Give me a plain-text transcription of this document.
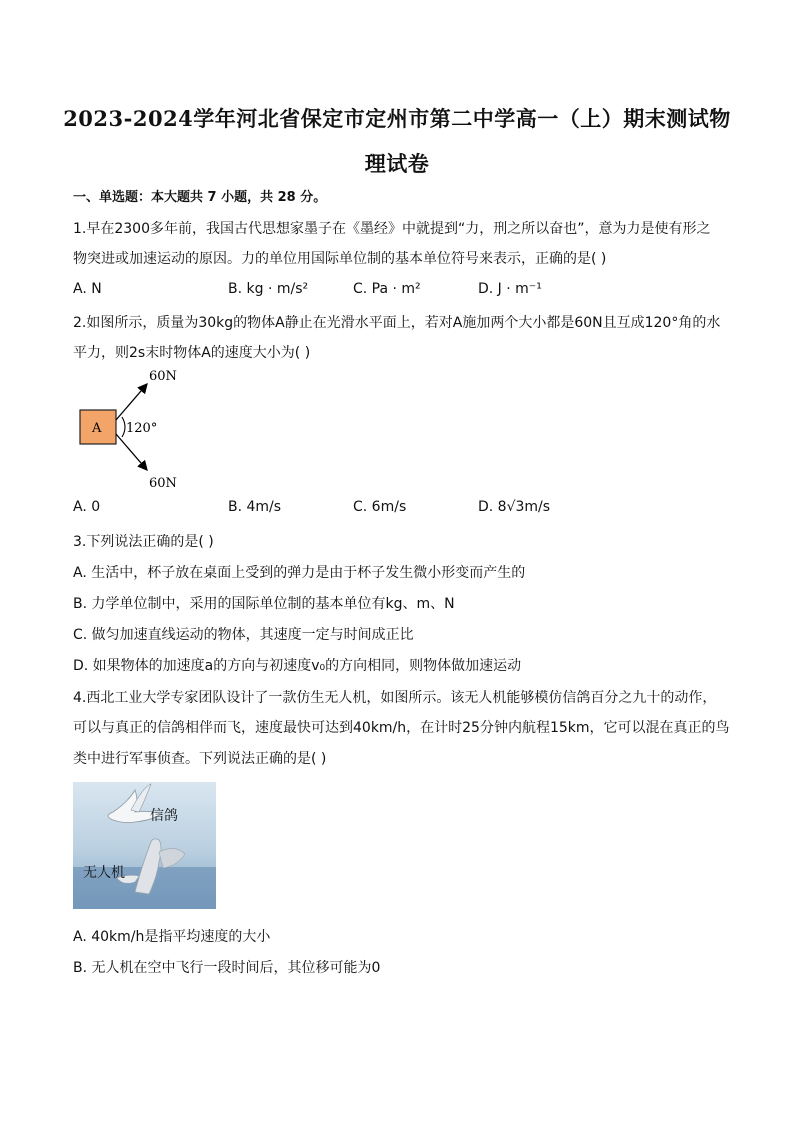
2023-2024学年河北省保定市定州市第二中学高一（上）期末测试物
理试卷
一、单选题：本大题共 7 小题，共 28 分。
1.早在2300多年前，我国古代思想家墨子在《墨经》中就提到“力，刑之所以奋也”，意为力是使有形之
物突进或加速运动的原因。力的单位用国际单位制的基本单位符号来表示，正确的是( )
A. N	B. kg · m/s²	C. Pa · m²	D. J · m⁻¹
2.如图所示，质量为30kg的物体A静止在光滑水平面上，若对A施加两个大小都是60N且互成120°角的水
平力，则2s末时物体A的速度大小为( )
A 120°
60N
60N
A. 0	B. 4m/s	C. 6m/s	D. 8√3m/s
3.下列说法正确的是( )
A. 生活中，杯子放在桌面上受到的弹力是由于杯子发生微小形变而产生的
B. 力学单位制中，采用的国际单位制的基本单位有kg、m、N
C. 做匀加速直线运动的物体，其速度一定与时间成正比
D. 如果物体的加速度a的方向与初速度v₀的方向相同，则物体做加速运动
4.西北工业大学专家团队设计了一款仿生无人机，如图所示。该无人机能够模仿信鸽百分之九十的动作，
可以与真正的信鸽相伴而飞，速度最快可达到40km/h，在计时25分钟内航程15km，它可以混在真正的鸟
类中进行军事侦查。下列说法正确的是( )
信鸽
无人机
A. 40km/h是指平均速度的大小
B. 无人机在空中飞行一段时间后，其位移可能为0
